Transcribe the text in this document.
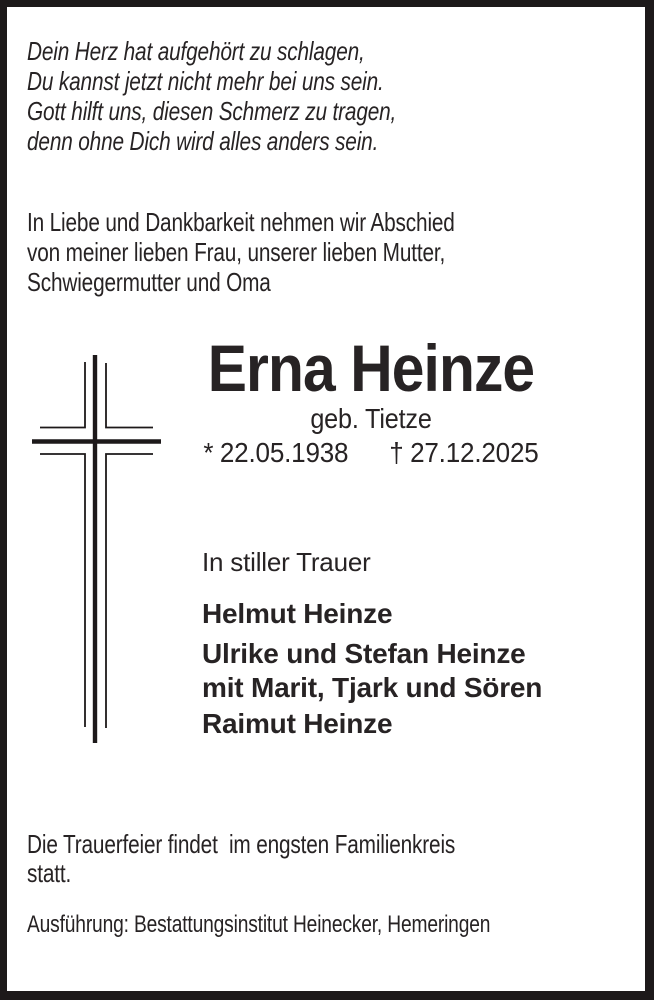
Dein Herz hat aufgehört zu schlagen,
Du kannst jetzt nicht mehr bei uns sein.
Gott hilft uns, diesen Schmerz zu tragen,
denn ohne Dich wird alles anders sein.
In Liebe und Dankbarkeit nehmen wir Abschied
von meiner lieben Frau, unserer lieben Mutter,
Schwiegermutter und Oma
Erna Heinze
geb. Tietze
* 22.05.1938 † 27.12.2025
In stiller Trauer
Helmut Heinze
Ulrike und Stefan Heinze
mit Marit, Tjark und Sören
Raimut Heinze
Die Trauerfeier findet  im engsten Familienkreis
statt.
Ausführung: Bestattungsinstitut Heinecker, Hemeringen
